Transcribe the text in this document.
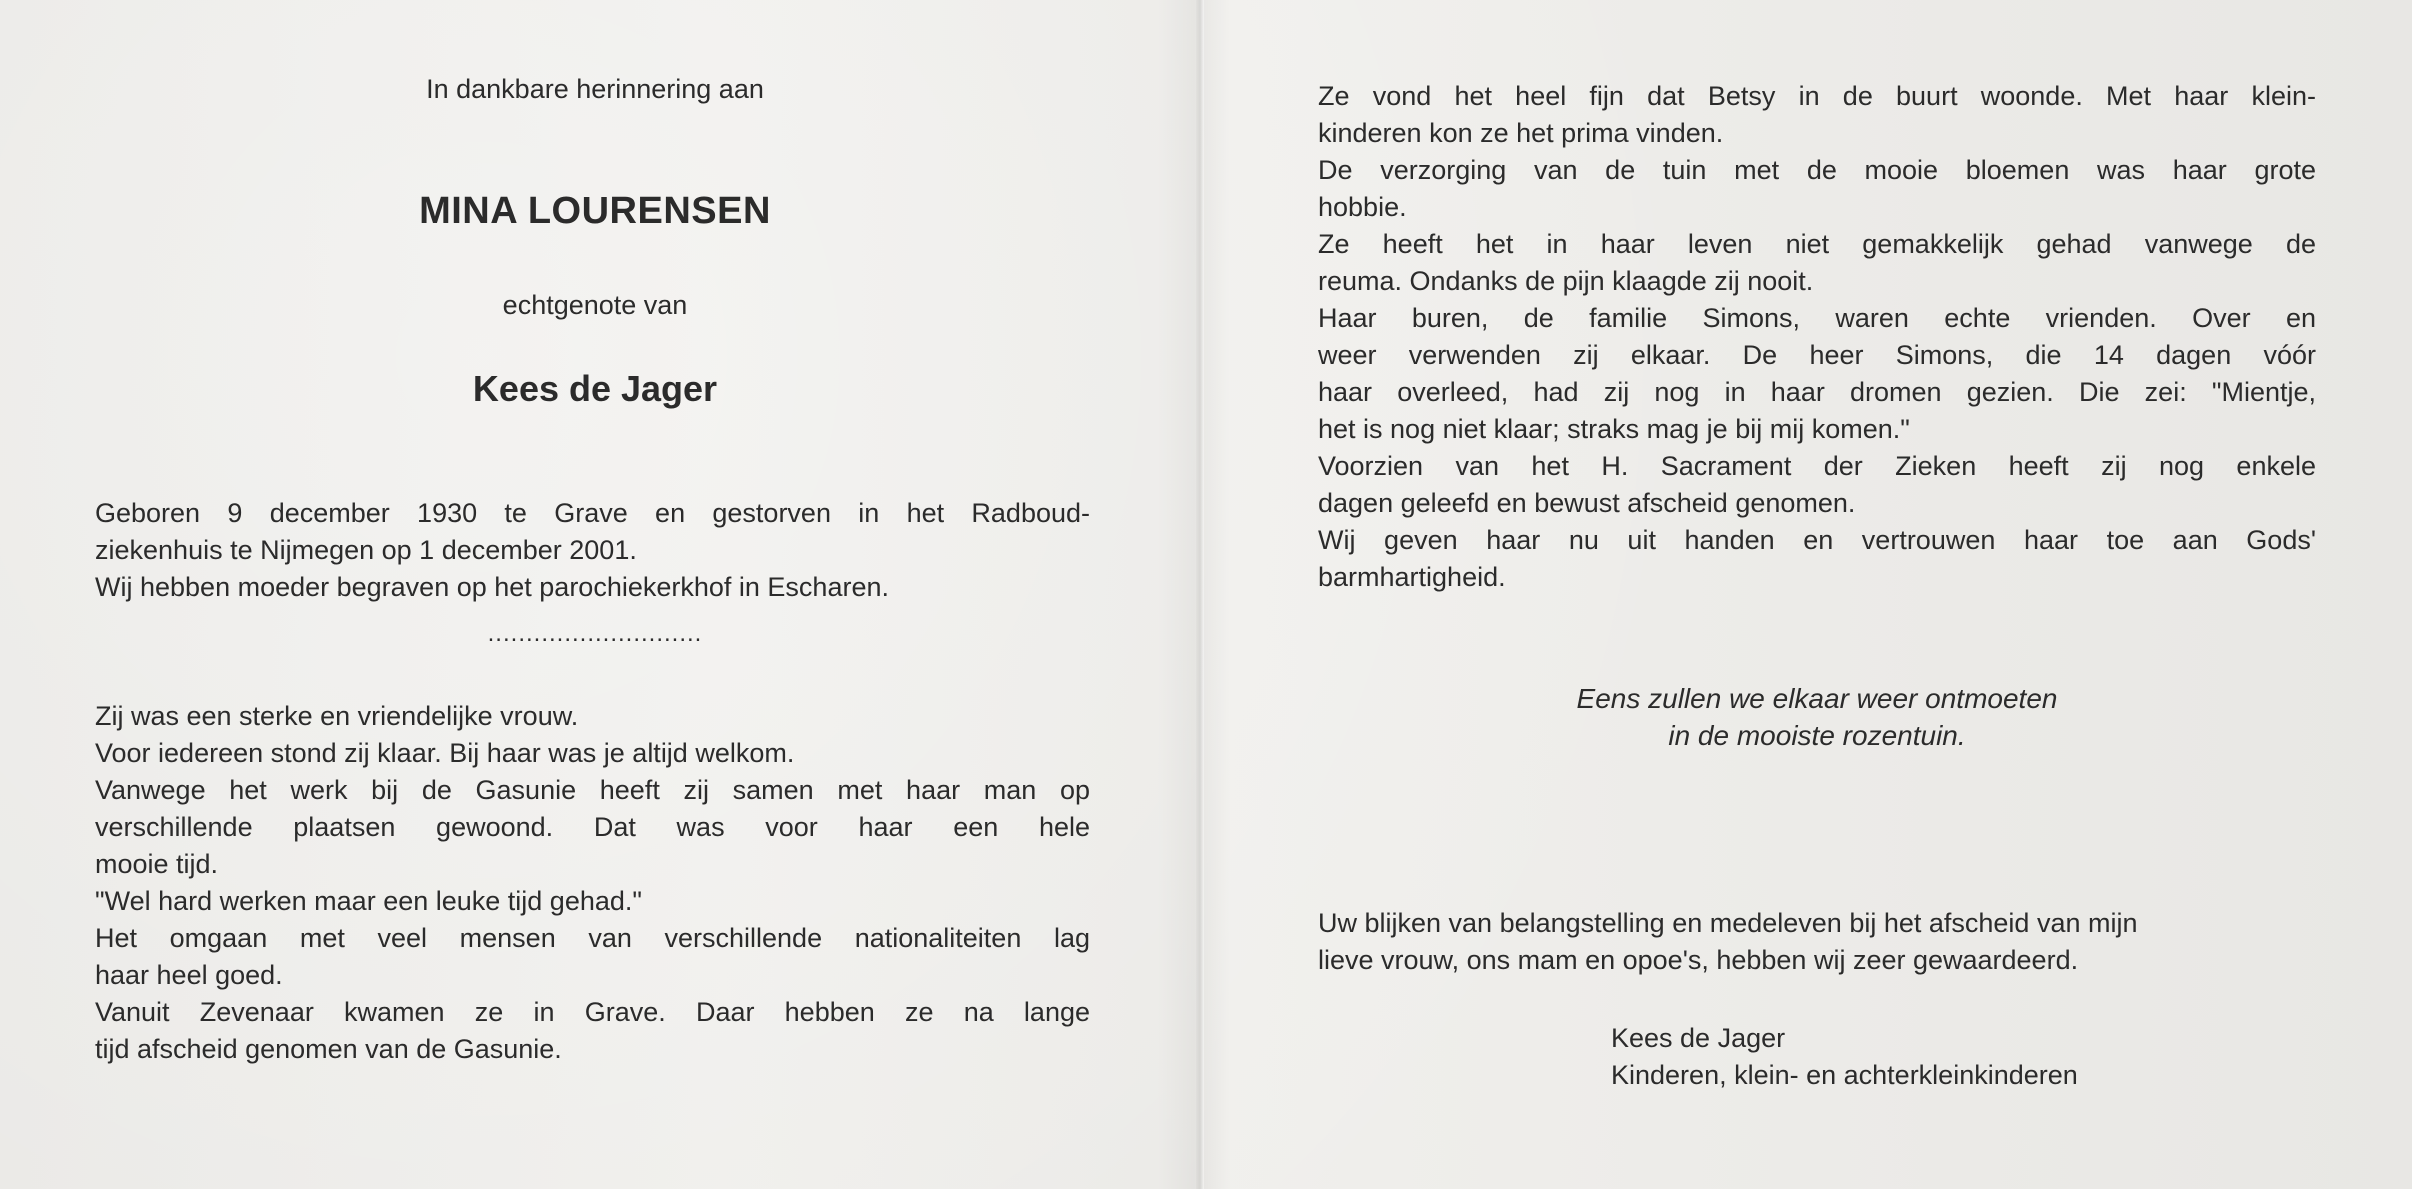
In dankbare herinnering aan
MINA LOURENSEN
echtgenote van
Kees de Jager
Geboren 9 december 1930 te Grave en gestorven in het Radboud-
ziekenhuis te Nijmegen op 1 december 2001.
Wij hebben moeder begraven op het parochiekerkhof in Escharen.
............................
Zij was een sterke en vriendelijke vrouw.
Voor iedereen stond zij klaar. Bij haar was je altijd welkom.
Vanwege het werk bij de Gasunie heeft zij samen met haar man op
verschillende plaatsen gewoond. Dat was voor haar een hele
mooie tijd.
"Wel hard werken maar een leuke tijd gehad."
Het omgaan met veel mensen van verschillende nationaliteiten lag
haar heel goed.
Vanuit Zevenaar kwamen ze in Grave. Daar hebben ze na lange
tijd afscheid genomen van de Gasunie.
Ze vond het heel fijn dat Betsy in de buurt woonde. Met haar klein-
kinderen kon ze het prima vinden.
De verzorging van de tuin met de mooie bloemen was haar grote
hobbie.
Ze heeft het in haar leven niet gemakkelijk gehad vanwege de
reuma. Ondanks de pijn klaagde zij nooit.
Haar buren, de familie Simons, waren echte vrienden. Over en
weer verwenden zij elkaar. De heer Simons, die 14 dagen vóór
haar overleed, had zij nog in haar dromen gezien. Die zei: "Mientje,
het is nog niet klaar; straks mag je bij mij komen."
Voorzien van het H. Sacrament der Zieken heeft zij nog enkele
dagen geleefd en bewust afscheid genomen.
Wij geven haar nu uit handen en vertrouwen haar toe aan Gods'
barmhartigheid.
Eens zullen we elkaar weer ontmoeten
in de mooiste rozentuin.
Uw blijken van belangstelling en medeleven bij het afscheid van mijn
lieve vrouw, ons mam en opoe's, hebben wij zeer gewaardeerd.
Kees de Jager
Kinderen, klein- en achterkleinkinderen
